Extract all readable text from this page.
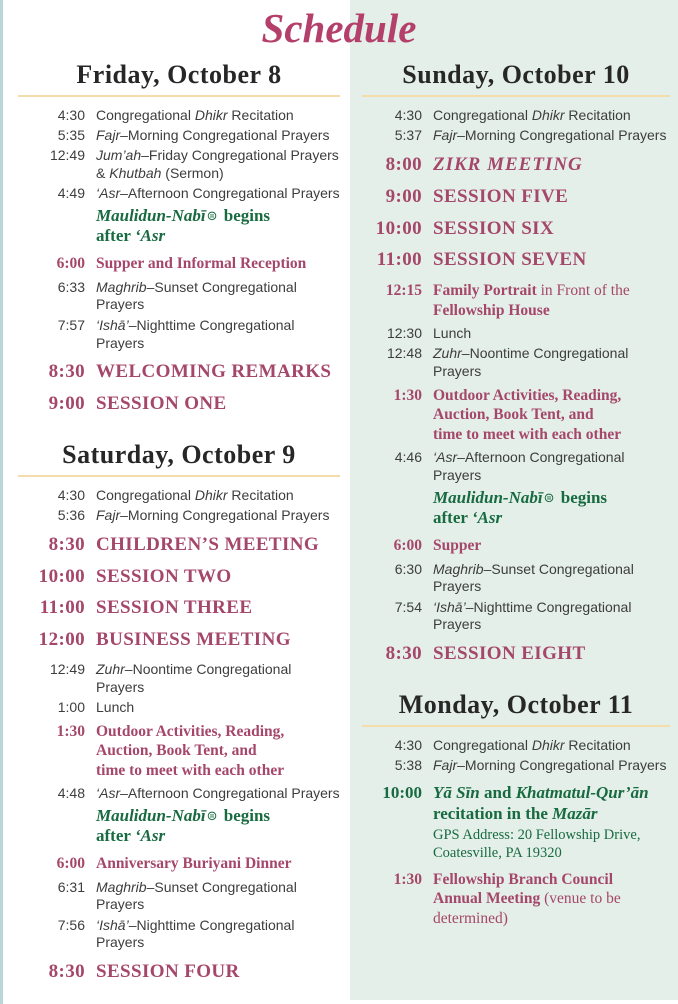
Schedule
Friday, October 8
4:30 Congregational Dhikr Recitation
5:35 Fajr–Morning Congregational Prayers
12:49 Jum’ah–Friday Congregational Prayers
& Khutbah (Sermon)
4:49 ‘Asr–Afternoon Congregational Prayers
Maulidun-Nabī⊜ begins
after ‘Asr
6:00 Supper and Informal Reception
6:33 Maghrib–Sunset Congregational Prayers
7:57 ‘Ishā’–Nighttime Congregational
Prayers
8:30 WELCOMING REMARKS
9:00 SESSION ONE
Saturday, October 9
4:30 Congregational Dhikr Recitation
5:36 Fajr–Morning Congregational Prayers
8:30 CHILDREN’S MEETING
10:00 SESSION TWO
11:00 SESSION THREE
12:00 BUSINESS MEETING
12:49 Zuhr–Noontime Congregational Prayers
1:00 Lunch
1:30 Outdoor Activities, Reading,
Auction, Book Tent, and
time to meet with each other
4:48 ‘Asr–Afternoon Congregational Prayers
Maulidun-Nabī⊜ begins
after ‘Asr
6:00 Anniversary Buriyani Dinner
6:31 Maghrib–Sunset Congregational
Prayers
7:56 ‘Ishā’–Nighttime Congregational
Prayers
8:30 SESSION FOUR
Sunday, October 10
4:30 Congregational Dhikr Recitation
5:37 Fajr–Morning Congregational Prayers
8:00 ZIKR MEETING
9:00 SESSION FIVE
10:00 SESSION SIX
11:00 SESSION SEVEN
12:15 Family Portrait in Front of the
Fellowship House
12:30 Lunch
12:48 Zuhr–Noontime Congregational
Prayers
1:30 Outdoor Activities, Reading,
Auction, Book Tent, and
time to meet with each other
4:46 ‘Asr–Afternoon Congregational Prayers
Maulidun-Nabī⊜ begins
after ‘Asr
6:00 Supper
6:30 Maghrib–Sunset Congregational
Prayers
7:54 ‘Ishā’–Nighttime Congregational
Prayers
8:30 SESSION EIGHT
Monday, October 11
4:30 Congregational Dhikr Recitation
5:38 Fajr–Morning Congregational Prayers
10:00 Yā Sīn and Khatmatul-Qur’ān
recitation in the Mazār
GPS Address: 20 Fellowship Drive,
Coatesville, PA 19320
1:30 Fellowship Branch Council
Annual Meeting (venue to be
determined)
